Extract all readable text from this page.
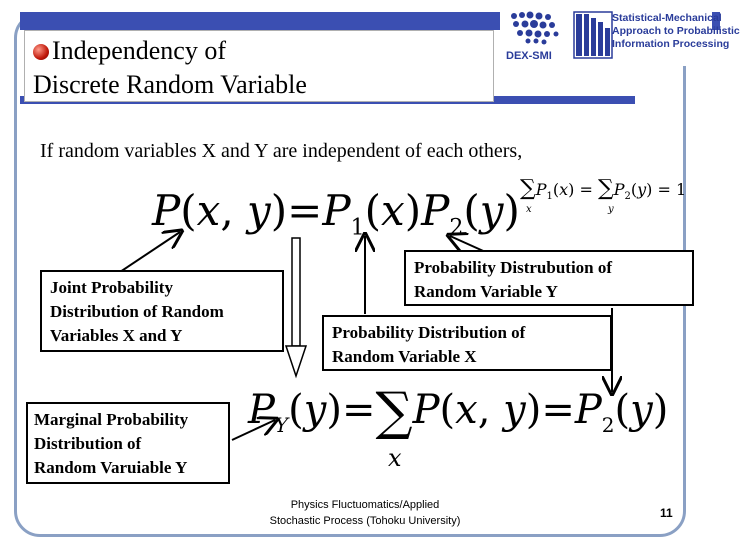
Independency of
Discrete Random Variable
DEX-SMI
Statistical-Mechanical
Approach to Probabilistic
Information Processing
If random variables X and Y are independent of each others,
$\sum P_1(x) = \sum P_2(y) = 1$
x	y
P(x, $y)=P_1(x)P_2(y)$
$P_Y(y)=\sum P(x$, $y)=P_2(y)$
x
Joint Probability
Distribution of Random
Variables X and Y
Probability Distrubution of
Random Variable Y
Probability Distribution of
Random Variable X
Marginal Probability
Distribution of
Random Varuiable Y
Physics Fluctuomatics/Applied
Stochastic Process (Tohoku University)
11
